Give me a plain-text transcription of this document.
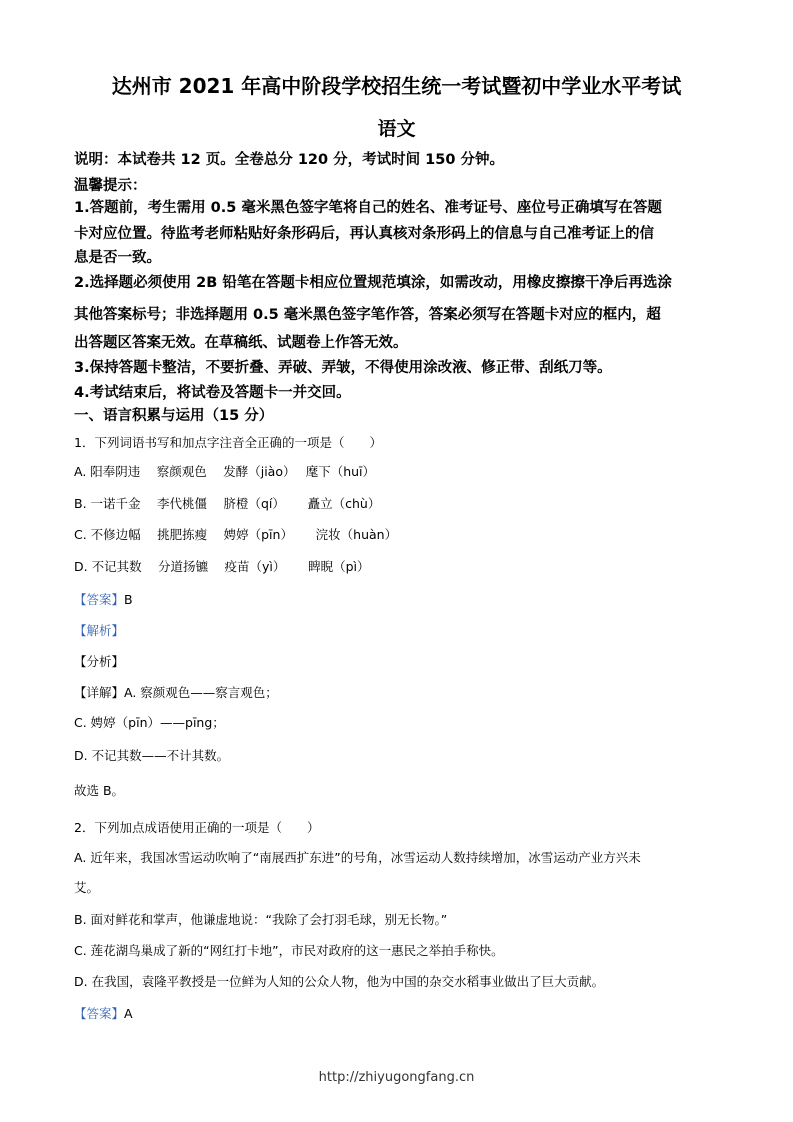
达州市 2021 年高中阶段学校招生统一考试暨初中学业水平考试
语文
说明：本试卷共 12 页。全卷总分 120 分，考试时间 150 分钟。
温馨提示：
1.答题前，考生需用 0.5 毫米黑色签字笔将自己的姓名、准考证号、座位号正确填写在答题
卡对应位置。待监考老师粘贴好条形码后，再认真核对条形码上的信息与自己准考证上的信
息是否一致。
2.选择题必须使用 2B 铅笔在答题卡相应位置规范填涂，如需改动，用橡皮擦擦干净后再选涂
其他答案标号；非选择题用 0.5 毫米黑色签字笔作答，答案必须写在答题卡对应的框内，超
出答题区答案无效。在草稿纸、试题卷上作答无效。
3.保持答题卡整洁，不要折叠、弄破、弄皱，不得使用涂改液、修正带、刮纸刀等。
4.考试结束后，将试卷及答题卡一并交回。
一、语言积累与运用（15 分）
1．下列词语书写和加点字注音全正确的一项是（　　）
A. 阳奉阴违　 察颜观色　 发酵（jiào）　 麾下（huī）
B. 一诺千金　 李代桃僵　 脐橙（qí）　　 矗立（chù）
C. 不修边幅　 挑肥拣瘦　 娉婷（pīn）　　 浣妆（huàn）
D. 不记其数　 分道扬镳　 疫苗（yì）　　 睥睨（pì）
【答案】B
【解析】
【分析】
【详解】A. 察颜观色——察言观色；
C. 娉婷（pīn）——pīng；
D. 不记其数——不计其数。
故选 B。
2．下列加点成语使用正确的一项是（　　）
A. 近年来，我国冰雪运动吹响了“南展西扩东进”的号角，冰雪运动人数持续增加，冰雪运动产业方兴未
艾。
B. 面对鲜花和掌声，他谦虚地说：“我除了会打羽毛球，别无长物。”
C. 莲花湖鸟巢成了新的“网红打卡地”，市民对政府的这一惠民之举拍手称快。
D. 在我国，袁隆平教授是一位鲜为人知的公众人物，他为中国的杂交水稻事业做出了巨大贡献。
【答案】A
http://zhiyugongfang.cn
